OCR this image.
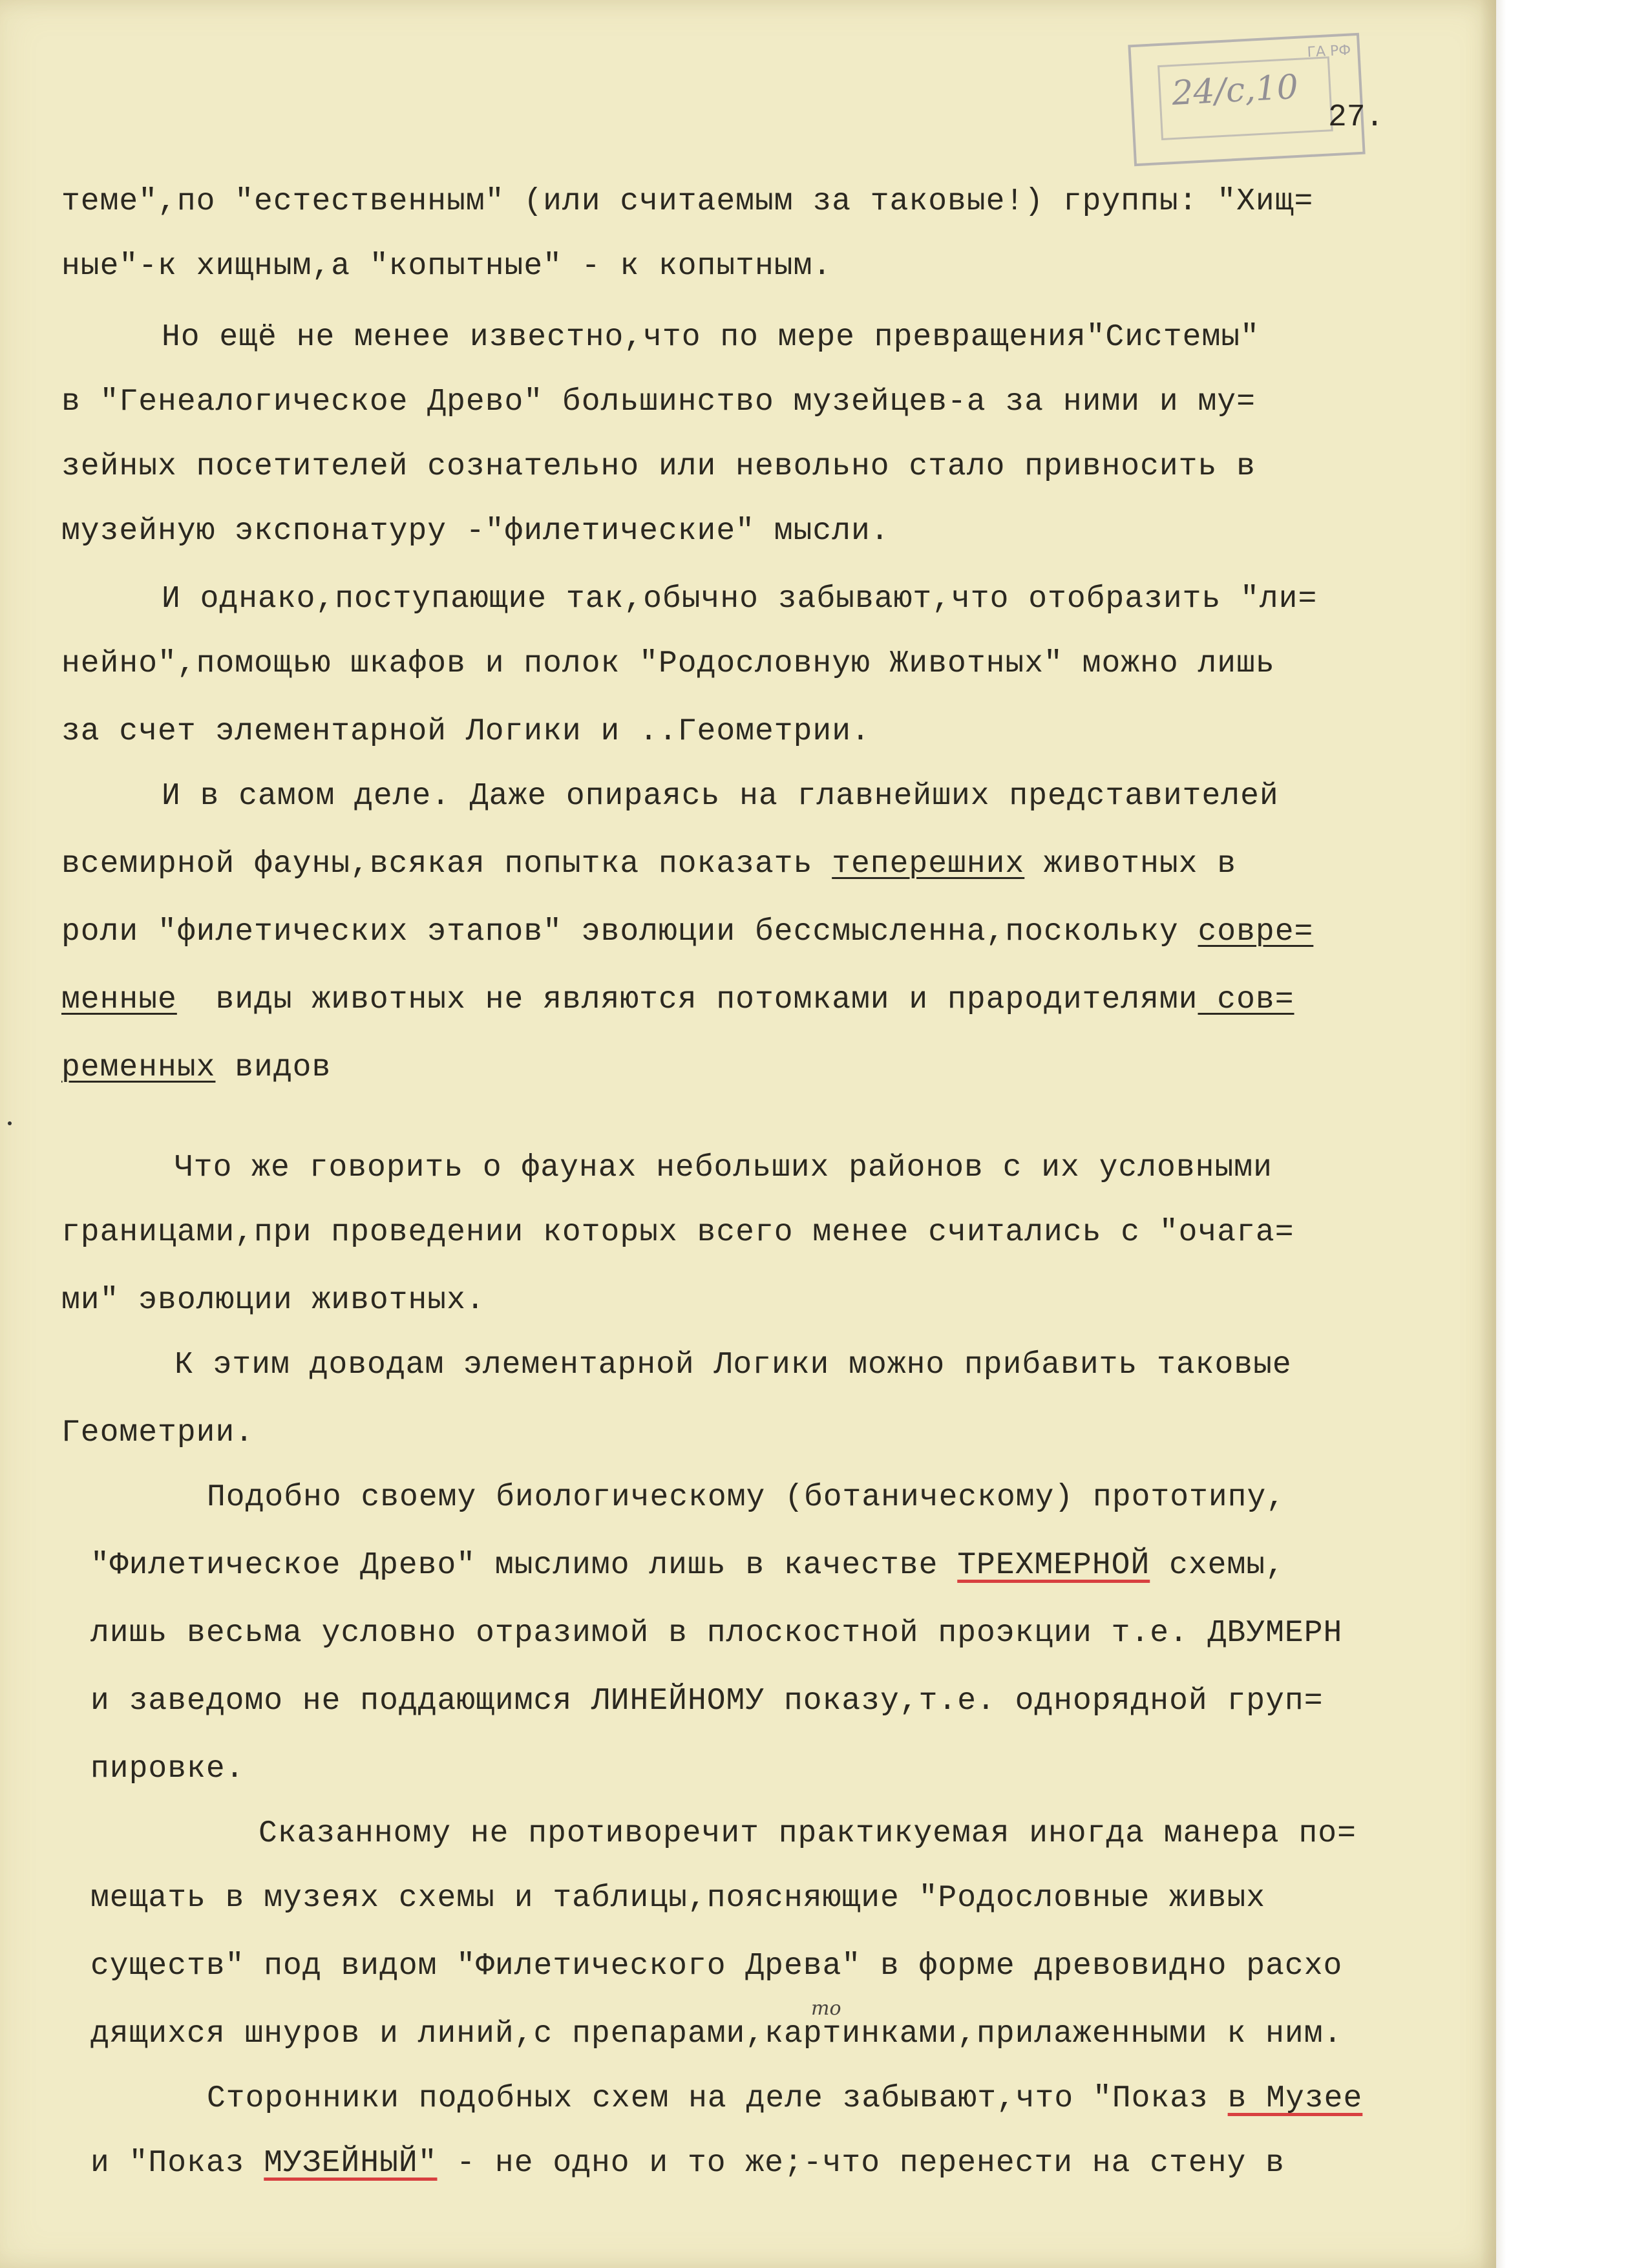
ГА РФ
24/с,10
27.
теме",по "естественным" (или считаемым за таковые!) группы: "Хищ=
ные"-к хищным,а "копытные" - к копытным.
Но ещё не менее известно,что по мере превращения"Системы"
в "Генеалогическое Древо" большинство музейцев-а за ними и му=
зейных посетителей сознательно или невольно стало привносить в
музейную экспонатуру -"филетические" мысли.
И однако,поступающие так,обычно забывают,что отобразить "ли=
нейно",помощью шкафов и полок "Родословную Животных" можно лишь
за счет элементарной Логики и ..Геометрии.
И в самом деле. Даже опираясь на главнейших представителей
всемирной фауны,всякая попытка показать теперешних животных в
роли "филетических этапов" эволюции бессмысленна,поскольку совре=
менные  виды животных не являются потомками и прародителями сов=
ременных видов
Что же говорить о фаунах небольших районов с их условными
границами,при проведении которых всего менее считались с "очага=
ми" эволюции животных.
К этим доводам элементарной Логики можно прибавить таковые
Геометрии.
Подобно своему биологическому (ботаническому) прототипу,
"Филетическое Древо" мыслимо лишь в качестве ТРЕХМЕРНОЙ схемы,
лишь весьма условно отразимой в плоскостной проэкции т.е. ДВУМЕРН
и заведомо не поддающимся ЛИНЕЙНОМУ показу,т.е. однорядной груп=
пировке.
Сказанному не противоречит практикуемая иногда манера по=
мещать в музеях схемы и таблицы,поясняющие "Родословные живых
существ" под видом "Филетического Древа" в форме древовидно расхо
дящихся шнуров и линий,с препарами,картинками,прилаженными к ним.
Сторонники подобных схем на деле забывают,что "Показ в Музее
и "Показ МУЗЕЙНЫЙ" - не одно и то же;-что перенести на стену в
то
